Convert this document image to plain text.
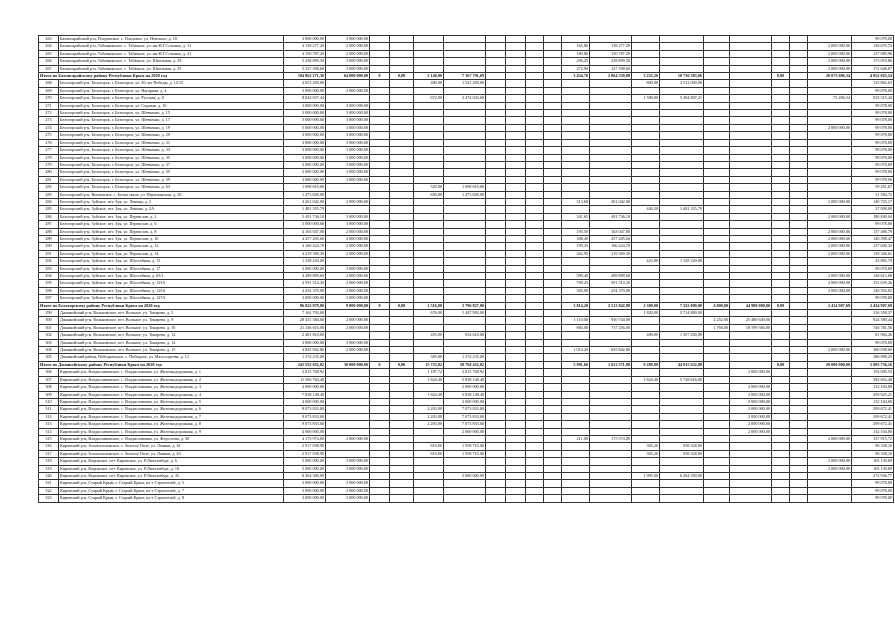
263	Бахчисарайский р-н, Плодовское, с. Плодовое, ул. Невского, д. 18	3 000 000,00	3 000 000,00																		99 078,00
264	Бахчисарайский р-н, Табачненское, с. Табачное, ул. им Н.Г.Сотника, д. 31	4 138 277,20	2 000 000,00									165,80	138 277,20							2 000 000,00	136 670,74
265	Бахчисарайский р-н, Табачненское, с. Табачное, ул. им Н.Г.Сотника, д. 41	4 150 787,20	2 000 000,00									180,80	150 787,20							2 000 000,00	137 085,96
266	Бахчисарайский р-н, Табачненское, с. Табачное, ул. Школьная, д. 29	5 238 899,50	3 000 000,00									296,45	238 899,50							2 000 000,00	173 019,86
267	Бахчисарайский р-н, Табачненское, с. Табачное, ул. Школьная, д. 35	5 227 598,60	3 000 000,00									272,90	227 598,60							2 000 000,00	172 646,07
Итого по Бахчисарайскому району Республики Крым на 2020 год		104 862 271,30	64 000 000,00	0	0,00	2 140,00	7 167 791,69					3 434,70	2 864 539,80	3 252,20	10 736 383,06			0,00		20 073 696,54	4 052 025,54
268	Белогорский р-н, Белогорск, г. Белогорск, ул. 40 лет Победы, д. 12/15	4 053 200,00				480,00	1 541 200,00							800,00	2 512 000,00						133 862,63
269	Белогорский р-н, Белогорск, г. Белогорск, ул. Нагорная, д. 4	3 000 000,00	3 000 000,00																		99 078,00
270	Белогорский р-н, Белогорск, г. Белогорск, ул. Русская, д. 8	8 042 937,44				672,00	2 474 033,69							1 580,00	5 494 807,21					73 496,54	923 315,44
271	Белогорский р-н, Белогорск, г. Белогорск, ул. Садовая, д. 16	3 000 000,00	3 000 000,00																		99 078,00
272	Белогорский р-н, Белогорск, г. Белогорск, ул. Шевченко, д. 15	3 000 000,00	3 000 000,00																		99 078,00
273	Белогорский р-н, Белогорск, г. Белогорск, ул. Шевченко, д. 17	3 000 000,00	3 000 000,00																		99 078,00
274	Белогорский р-н, Белогорск, г. Белогорск, ул. Шевченко, д. 19	5 000 000,00	3 000 000,00																	2 000 000,00	99 078,00
275	Белогорский р-н, Белогорск, г. Белогорск, ул. Шевченко, д. 29	3 000 000,00	3 000 000,00																		99 078,00
276	Белогорский р-н, Белогорск, г. Белогорск, ул. Шевченко, д. 31	3 000 000,00	3 000 000,00																		99 078,00
277	Белогорский р-н, Белогорск, г. Белогорск, ул. Шевченко, д. 33	3 000 000,00	3 000 000,00																		99 078,00
278	Белогорский р-н, Белогорск, г. Белогорск, ул. Шевченко, д. 35	3 000 000,00	3 000 000,00																		99 078,00
279	Белогорский р-н, Белогорск, г. Белогорск, ул. Шевченко, д. 37	3 000 000,00	3 000 000,00																		99 078,00
280	Белогорский р-н, Белогорск, г. Белогорск, ул. Шевченко, д. 55	3 000 000,00	3 000 000,00																		99 078,00
281	Белогорский р-н, Белогорск, г. Белогорск, ул. Шевченко, д. 59	3 000 000,00	3 000 000,00																		99 078,00
282	Белогорский р-н, Белогорск, г. Белогорск, ул. Шевченко, д. 63	1 698 619,00				529,00	1 698 619,00														59 451,67
283	Белогорский р-н, Вишенское, с. Белая скала, ул. Партизанская, д. 28	1 473 849,00				659,00	1 473 849,00														51 584,72
284	Белогорский р-н, Зуйское, пгт. Зуя, ул. Ленина, д. 2	4 261 042,00	2 000 000,00									313,60	261 042,00							2 000 000,00	140 725,17
285	Белогорский р-н, Зуйское, пгт. Зуя, ул. Ленина, д. 2А	1 481 355,79												449,20	1 481 355,79						37 008,00
286	Белогорский р-н, Зуйское, пгт. Зуя, ул. Переяслав, д. 2	5 491 736,10	3 000 000,00									341,65	491 736,10							2 000 000,00	180 849,04
287	Белогорский р-н, Зуйское, пгт. Зуя, ул. Переяслав, д. 6	3 000 000,00	3 000 000,00																		99 078,00
288	Белогорский р-н, Зуйское, пгт. Зуя, ул. Переяслав, д. 8	4 163 047,00	2 000 000,00									195,50	163 047,00							2 000 000,00	137 488,79
289	Белогорский р-н, Зуйское, пгт. Зуя, ул. Переяслав, д. 10	4 257 205,60	2 000 000,00									308,40	257 205,60							2 000 000,00	140 598,47
290	Белогорский р-н, Зуйское, пгт. Зуя, ул. Переяслав, д. 12	4 166 424,70	2 000 000,00									199,25	166 424,70							2 000 000,00	137 600,34
291	Белогорский р-н, Зуйское, пгт. Зуя, ул. Переяслав, д. 14	4 219 300,30	2 000 000,00									262,95	219 300,30							2 000 000,00	139 346,61
292	Белогорский р-н, Зуйское, пгт. Зуя, ул. Шоссейная, д. 13	1 328 220,00												423,00	1 328 220,00						43 865,79
293	Белогорский р-н, Зуйское, пгт. Зуя, ул. Шоссейная, д. 17	3 000 000,00	3 000 000,00																		99 078,00
294	Белогорский р-н, Зуйское, пгт. Зуя, ул. Шоссейная, д. 65/1	4 499 899,60	2 000 000,00									590,40	499 899,60							2 000 000,00	148 613,68
295	Белогорский р-н, Зуйское, пгт. Зуя, ул. Шоссейная, д. 123А	4 591 514,30	2 000 000,00									709,25	591 514,30							2 000 000,00	151 639,26
296	Белогорский р-н, Зуйское, пгт. Зуя, ул. Шоссейная, д. 125А	4 254 370,00	2 000 000,00									305,00	254 370,00							2 000 000,00	140 504,82
297	Белогорский р-н, Зуйское, пгт. Зуя, ул. Шоссейная, д. 127А	3 000 000,00	3 000 000,00																		99 078,00
Итого по Белогорскому району Республики Крым на 2020 год		96 022 079,80	9 000 000,00	0	0,00	1 516,00	3 796 827,00					3 814,20	2 513 842,88	2 309,00	7 322 009,00	4 000,00	44 980 000,00	0,00		2 434 907,69	2 434 907,69
299	Джанкойский р-н, Вольновское, пгт. Вольное, ул. Токарева, д. 5	7 162 792,00				676,00	1 447 992,00							1 820,00	5 714 800,00						236 558,37
300	Джанкойский р-н, Вольновское, пгт. Вольное, ул. Токарева, д. 9	28 431 384,00	2 000 000,00									1 110,00	930 744,00			2 252,00	25 480 640,00				924 380,44
301	Джанкойский р-н, Вольновское, пгт. Вольное, ул. Токарева, д. 10	21 336 616,00	2 000 000,00									884,00	737 256,00			1 768,00	18 599 360,00				746 781,56
302	Джанкойский р-н, Вольновское, пгт. Вольное, ул. Токарева, д. 12	2 481 810,00				455,00	934 610,00							480,00	1 507 200,00						81 964,26
303	Джанкойский р-н, Вольновское, пгт. Вольное, ул. Токарева, д. 14	3 000 000,00	3 000 000,00																		99 078,00
304	Джанкойский р-н, Вольновское, пгт. Вольное, ул. Токарева, д. 15	4 845 842,80	2 000 000,00									1 014,20	845 842,80							2 000 000,00	160 038,60
305	Джанкойский район, Победненское, с. Победное, ул. Малосортова, д. 12	1 374 235,00				385,00	1 374 235,00														186 098,25
Итого по Джанкойскому району Республики Крым на 2020 год		245 552 652,02	30 000 000,00	0	0,00	15 723,82	58 794 452,02					5 981,60	1 653 571,00	9 289,88	44 915 632,00			0,00		20 000 000,00	5 085 736,16
306	Кировский р-н, Владиславовское, с. Владиславовка, ул. Железнодорожная, д. 1	3 813 768,92				1 187,72	3 813 768,92										2 000 000,00				192 005,53
307	Кировский р-н, Владиславовское, с. Владиславовка, ул. Железнодорожная, д. 2	11 566 764,40				1 824,40	5 838 148,40							1 824,40	5 728 616,00						382 654,48
308	Кировский р-н, Владиславовское, с. Владиславовка, ул. Железнодорожная, д. 3	4 000 000,00					2 000 000,00										2 000 000,00				132 104,00
309	Кировский р-н, Владиславовское, с. Владиславовка, ул. Железнодорожная, д. 4	7 838 148,40				1 824,40	5 838 148,40										2 000 000,00				259 925,21
310	Кировский р-н, Владиславовское, с. Владиславовка, ул. Железнодорожная, д. 5	4 000 000,00					2 000 000,00										2 000 000,00				132 104,00
311	Кировский р-н, Владиславовское, с. Владиславовка, ул. Железнодорожная, д. 6	9 073 833,00				2 203,00	7 073 833,00										2 000 000,00				299 672,41
312	Кировский р-н, Владиславовское, с. Владиславовка, ул. Железнодорожная, д. 7	9 073 833,00				2 203,00	7 073 833,00										2 000 000,00				299 672,41
313	Кировский р-н, Владиславовское, с. Владиславовка, ул. Железнодорожная, д. 8	9 073 833,00				2 203,00	7 073 833,00										2 000 000,00				299 672,41
314	Кировский р-н, Владиславовское, с. Владиславовка, ул. Железнодорожная, д. 9	4 000 000,00					2 000 000,00										2 000 000,00				132 104,00
315	Кировский р-н, Владиславовское, с. Владиславовка, ул. Федосеева, д. 38	4 175 974,00	2 000 000,00									211,00	175 974,00							2 000 000,00	137 915,72
316	Кировский р-н, Золотополенское, с. Золотое Поле, ул. Ленина, д. 61	2 917 038,90				610,00	1 958 710,00							305,20	958 328,00						96 338,10
317	Кировский р-н, Золотополенское, с. Золотое Поле, ул. Ленина, д. 63	2 917 038,90				610,00	1 958 710,00							305,20	958 328,00						96 338,10
318	Кировский р-н, Кировское, пгт. Кировское, ул. Р.Люксембург, д. 6	5 000 000,00	3 000 000,00																	2 000 000,00	165 130,00
319	Кировский р-н, Кировское, пгт. Кировское, ул. Р.Люксембург, д. 16	5 000 000,00	3 000 000,00																	2 000 000,00	165 130,00
320	Кировский р-н, Кировское, пгт. Кировское, ул. Р.Люксембург, д. 35	8 264 300,00					2 000 000,00							1 995,00	6 264 300,00						272 936,77
321	Кировский р-н, Старый Крым, г. Старый Крым, пл-т Строителей, д. 5	3 000 000,00	3 000 000,00																		99 078,00
322	Кировский р-н, Старый Крым, г. Старый Крым, пл-т Строителей, д. 7	3 000 000,00	3 000 000,00																		99 078,00
323	Кировский р-н, Старый Крым, г. Старый Крым, пл-т Строителей, д. 8	3 000 000,00	3 000 000,00																		99 078,00
